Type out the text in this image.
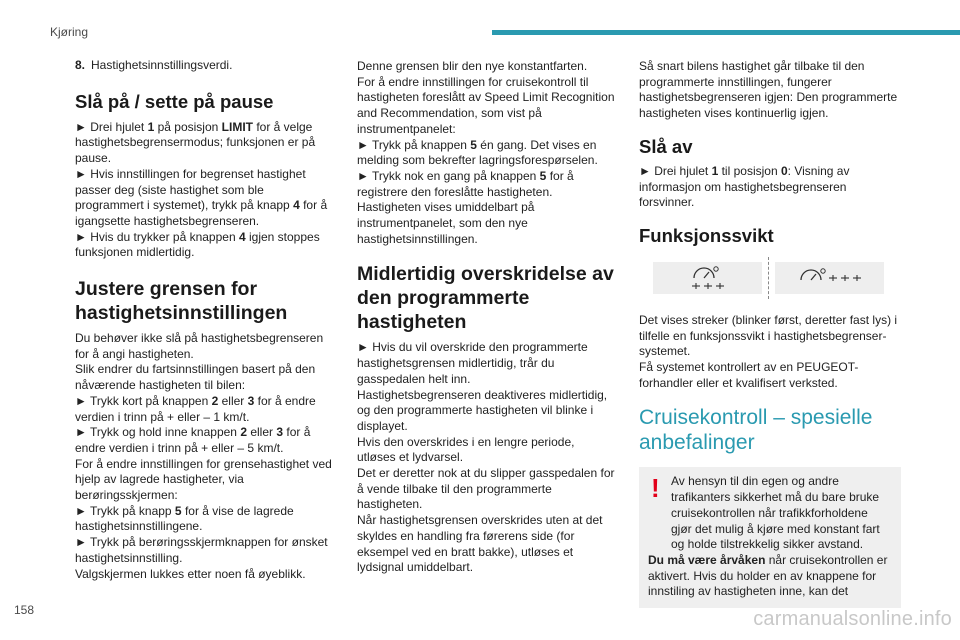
Kjøring

8. Hastighetsinnstillingsverdi.

Slå på / sette på pause

► Drei hjulet 1 på posisjon LIMIT for å velge hastighetsbegrensermodus; funksjonen er på pause.

► Hvis innstillingen for begrenset hastighet passer deg (siste hastighet som ble programmert i systemet), trykk på knapp 4 for å igangsette hastighetsbegrenseren.

► Hvis du trykker på knappen 4 igjen stoppes funksjonen midlertidig.

Justere grensen for hastighetsinnstillingen

Du behøver ikke slå på hastighetsbegrenseren for å angi hastigheten.

Slik endrer du fartsinnstillingen basert på den nåværende hastigheten til bilen:

► Trykk kort på knappen 2 eller 3 for å endre verdien i trinn på + eller – 1 km/t.

► Trykk og hold inne knappen 2 eller 3 for å endre verdien i trinn på + eller – 5 km/t.

For å endre innstillingen for grensehastighet ved hjelp av lagrede hastigheter, via berøringsskjermen:

► Trykk på knapp 5 for å vise de lagrede hastighetsinnstillingene.

► Trykk på berøringsskjermknappen for ønsket hastighetsinnstilling.

Valgskjermen lukkes etter noen få øyeblikk.

Denne grensen blir den nye konstantfarten.

For å endre innstillingen for cruisekontroll til hastigheten foreslått av Speed Limit Recognition and Recommendation, som vist på instrumentpanelet:

► Trykk på knappen 5 én gang. Det vises en melding som bekrefter lagringsforespørselen.

► Trykk nok en gang på knappen 5 for å registrere den foreslåtte hastigheten.

Hastigheten vises umiddelbart på instrumentpanelet, som den nye hastighetsinnstillingen.

Midlertidig overskridelse av den programmerte hastigheten

► Hvis du vil overskride den programmerte hastighetsgrensen midlertidig, trår du gasspedalen helt inn.

Hastighetsbegrenseren deaktiveres midlertidig, og den programmerte hastigheten vil blinke i displayet.

Hvis den overskrides i en lengre periode, utløses et lydvarsel.

Det er deretter nok at du slipper gasspedalen for å vende tilbake til den programmerte hastigheten.

Når hastighetsgrensen overskrides uten at det skyldes en handling fra førerens side (for eksempel ved en bratt bakke), utløses et lydsignal umiddelbart.

Så snart bilens hastighet går tilbake til den programmerte innstillingen, fungerer hastighetsbegrenseren igjen: Den programmerte hastigheten vises kontinuerlig igjen.

Slå av

► Drei hjulet 1 til posisjon 0: Visning av informasjon om hastighetsbegrenseren forsvinner.

Funksjonssvikt

Det vises streker (blinker først, deretter fast lys) i tilfelle en funksjonssvikt i hastighetsbegrenser-systemet.

Få systemet kontrollert av en PEUGEOT-forhandler eller et kvalifisert verksted.

Cruisekontroll – spesielle anbefalinger
! Av hensyn til din egen og andre trafikanters sikkerhet må du bare bruke cruisekontrollen når trafikkforholdene gjør det mulig å kjøre med konstant fart og holde tilstrekkelig sikker avstand.

Du må være årvåken når cruisekontrollen er aktivert. Hvis du holder en av knappene for innstiling av hastigheten inne, kan det

158	carmanualsonline.info
